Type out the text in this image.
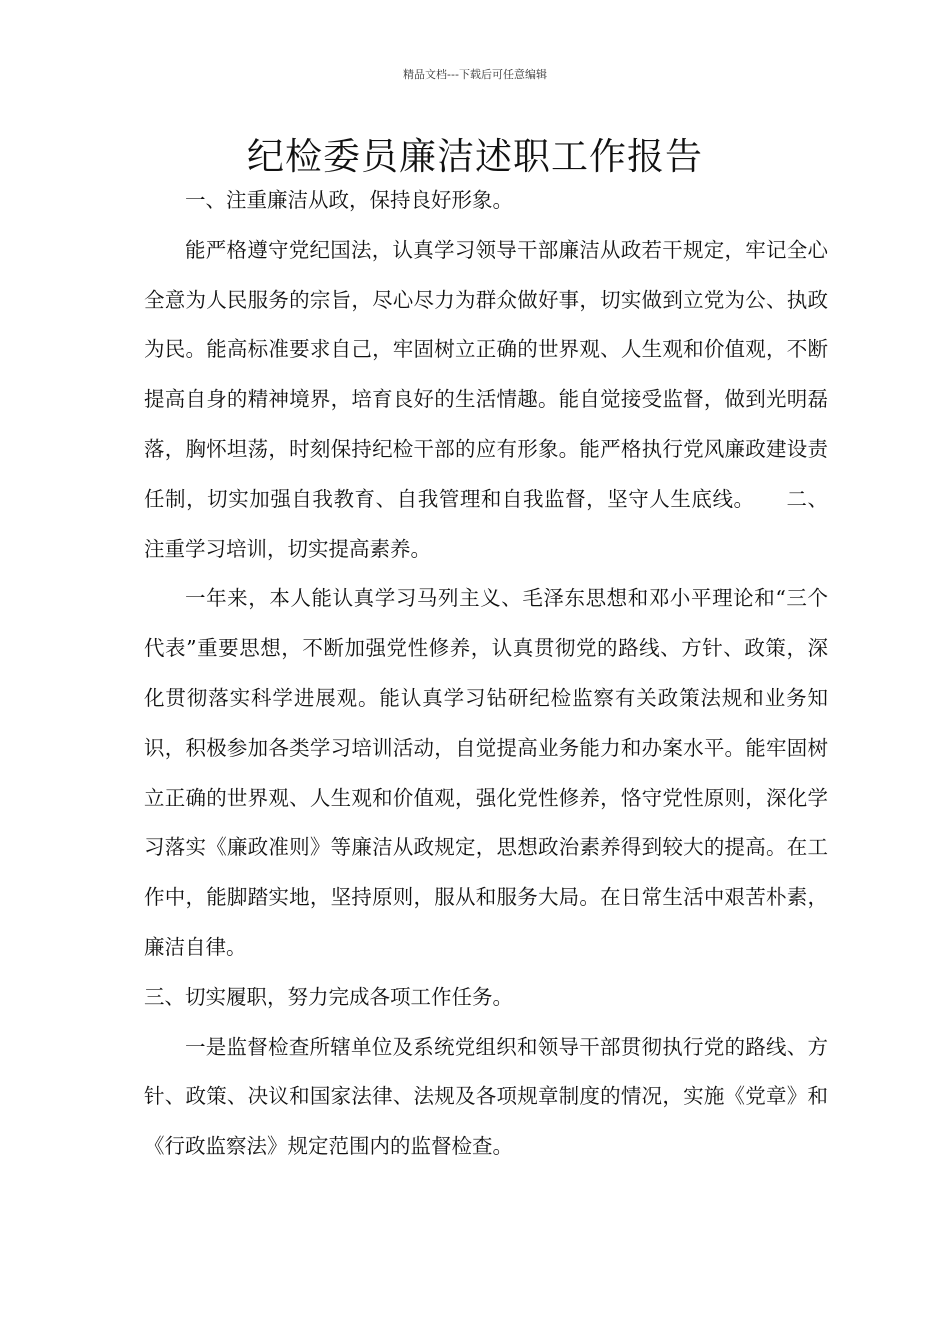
精品文档---下载后可任意编辑
纪检委员廉洁述职工作报告

一、注重廉洁从政，保持良好形象。

能严格遵守党纪国法，认真学习领导干部廉洁从政若干规定，牢记全心全意为人民服务的宗旨，尽心尽力为群众做好事，切实做到立党为公、执政为民。能高标准要求自己，牢固树立正确的世界观、人生观和价值观，不断提高自身的精神境界，培育良好的生活情趣。能自觉接受监督，做到光明磊落，胸怀坦荡，时刻保持纪检干部的应有形象。能严格执行党风廉政建设责任制，切实加强自我教育、自我管理和自我监督，坚守人生底线。　　二、注重学习培训，切实提高素养。

一年来，本人能认真学习马列主义、毛泽东思想和邓小平理论和“三个代表”重要思想，不断加强党性修养，认真贯彻党的路线、方针、政策，深化贯彻落实科学进展观。能认真学习钻研纪检监察有关政策法规和业务知识，积极参加各类学习培训活动，自觉提高业务能力和办案水平。能牢固树立正确的世界观、人生观和价值观，强化党性修养，恪守党性原则，深化学习落实《廉政准则》等廉洁从政规定，思想政治素养得到较大的提高。在工作中，能脚踏实地，坚持原则，服从和服务大局。在日常生活中艰苦朴素，廉洁自律。

三、切实履职，努力完成各项工作任务。

一是监督检查所辖单位及系统党组织和领导干部贯彻执行党的路线、方针、政策、决议和国家法律、法规及各项规章制度的情况，实施《党章》和《行政监察法》规定范围内的监督检查。
